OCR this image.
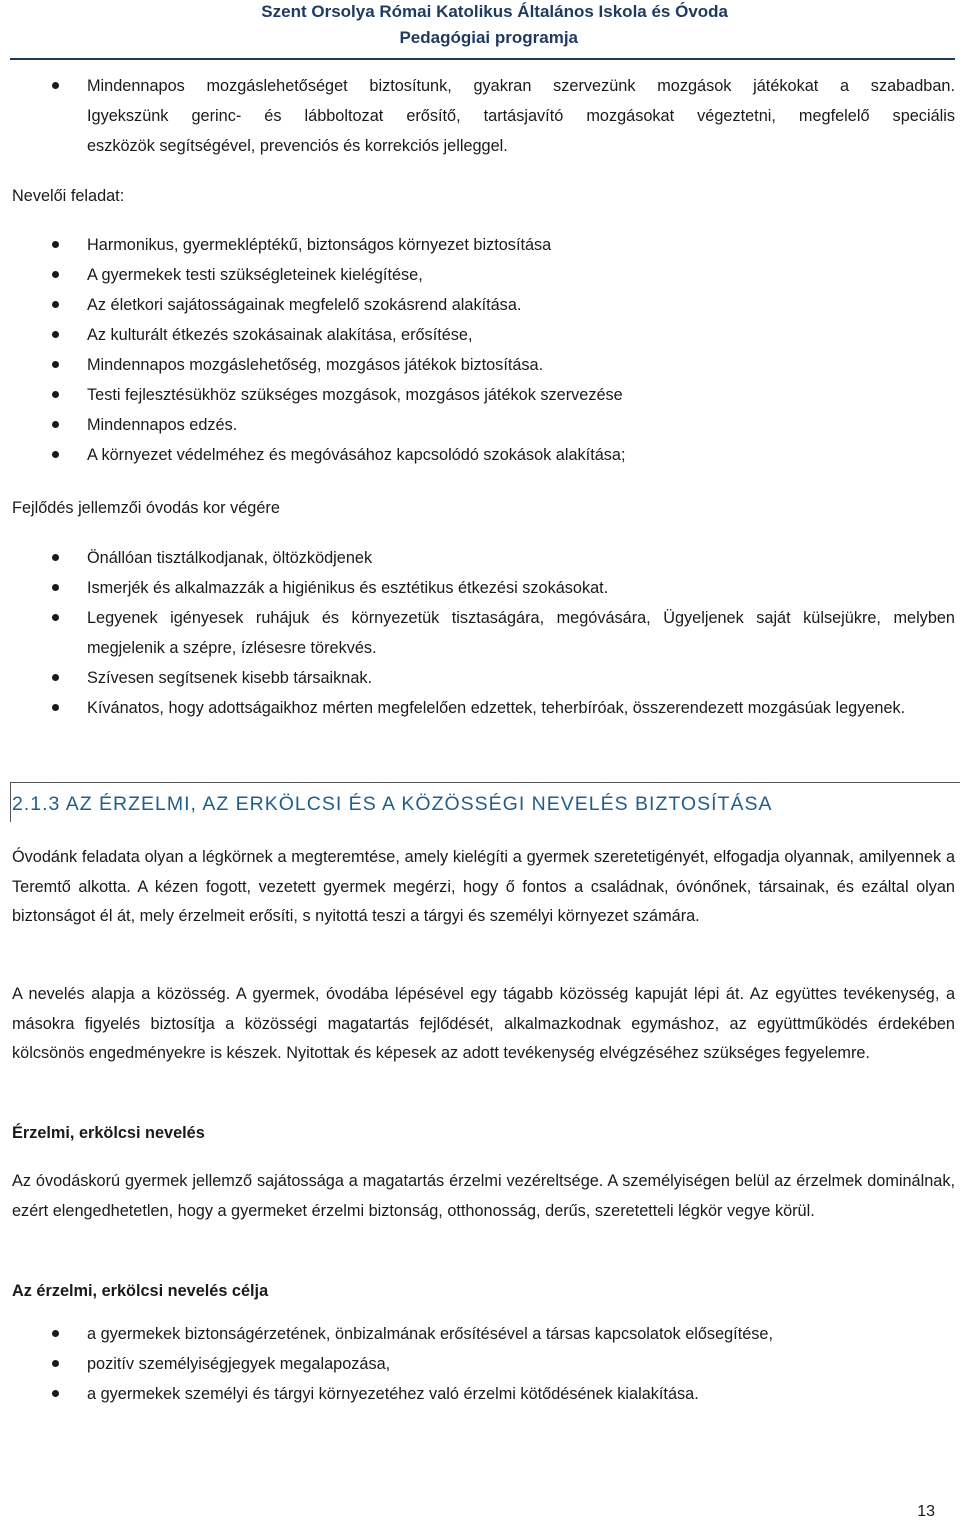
Szent Orsolya Római Katolikus Általános Iskola és Óvoda
Pedagógiai programja
Mindennapos mozgáslehetőséget biztosítunk, gyakran szervezünk mozgások játékokat a szabadban.
Igyekszünk gerinc- és lábboltozat erősítő, tartásjavító mozgásokat végeztetni, megfelelő speciális
eszközök segítségével, prevenciós és korrekciós jelleggel.
Nevelői feladat:
Harmonikus, gyermekléptékű, biztonságos környezet biztosítása
A gyermekek testi szükségleteinek kielégítése,
Az életkori sajátosságainak megfelelő szokásrend alakítása.
Az kulturált étkezés szokásainak alakítása, erősítése,
Mindennapos mozgáslehetőség, mozgásos játékok biztosítása.
Testi fejlesztésükhöz szükséges mozgások, mozgásos játékok szervezése
Mindennapos edzés.
A környezet védelméhez és megóvásához kapcsolódó szokások alakítása;
Fejlődés jellemzői óvodás kor végére
Önállóan tisztálkodjanak, öltözködjenek
Ismerjék és alkalmazzák a higiénikus és esztétikus étkezési szokásokat.
Legyenek igényesek ruhájuk és környezetük tisztaságára, megóvására, Ügyeljenek saját külsejükre, melyben megjelenik a szépre, ízlésesre törekvés.
Szívesen segítsenek kisebb társaiknak.
Kívánatos, hogy adottságaikhoz mérten megfelelően edzettek, teherbíróak, összerendezett mozgásúak legyenek.
2.1.3 AZ ÉRZELMI, AZ ERKÖLCSI ÉS A KÖZÖSSÉGI NEVELÉS BIZTOSÍTÁSA
Óvodánk feladata olyan a légkörnek a megteremtése, amely kielégíti a gyermek szeretetigényét, elfogadja olyannak, amilyennek a Teremtő alkotta. A kézen fogott, vezetett gyermek megérzi, hogy ő fontos a családnak, óvónőnek, társainak, és ezáltal olyan biztonságot él át, mely érzelmeit erősíti, s nyitottá teszi a tárgyi és személyi környezet számára.
A nevelés alapja a közösség. A gyermek, óvodába lépésével egy tágabb közösség kapuját lépi át. Az együttes tevékenység, a másokra figyelés biztosítja a közösségi magatartás fejlődését, alkalmazkodnak egymáshoz, az együttműködés érdekében kölcsönös engedményekre is készek. Nyitottak és képesek az adott tevékenység elvégzéséhez szükséges fegyelemre.
Érzelmi, erkölcsi nevelés
Az óvodáskorú gyermek jellemző sajátossága a magatartás érzelmi vezéreltsége. A személyiségen belül az érzelmek dominálnak, ezért elengedhetetlen, hogy a gyermeket érzelmi biztonság, otthonosság, derűs, szeretetteli légkör vegye körül.
Az érzelmi, erkölcsi nevelés célja
a gyermekek biztonságérzetének, önbizalmának erősítésével a társas kapcsolatok elősegítése,
pozitív személyiségjegyek megalapozása,
a gyermekek személyi és tárgyi környezetéhez való érzelmi kötődésének kialakítása.
13
